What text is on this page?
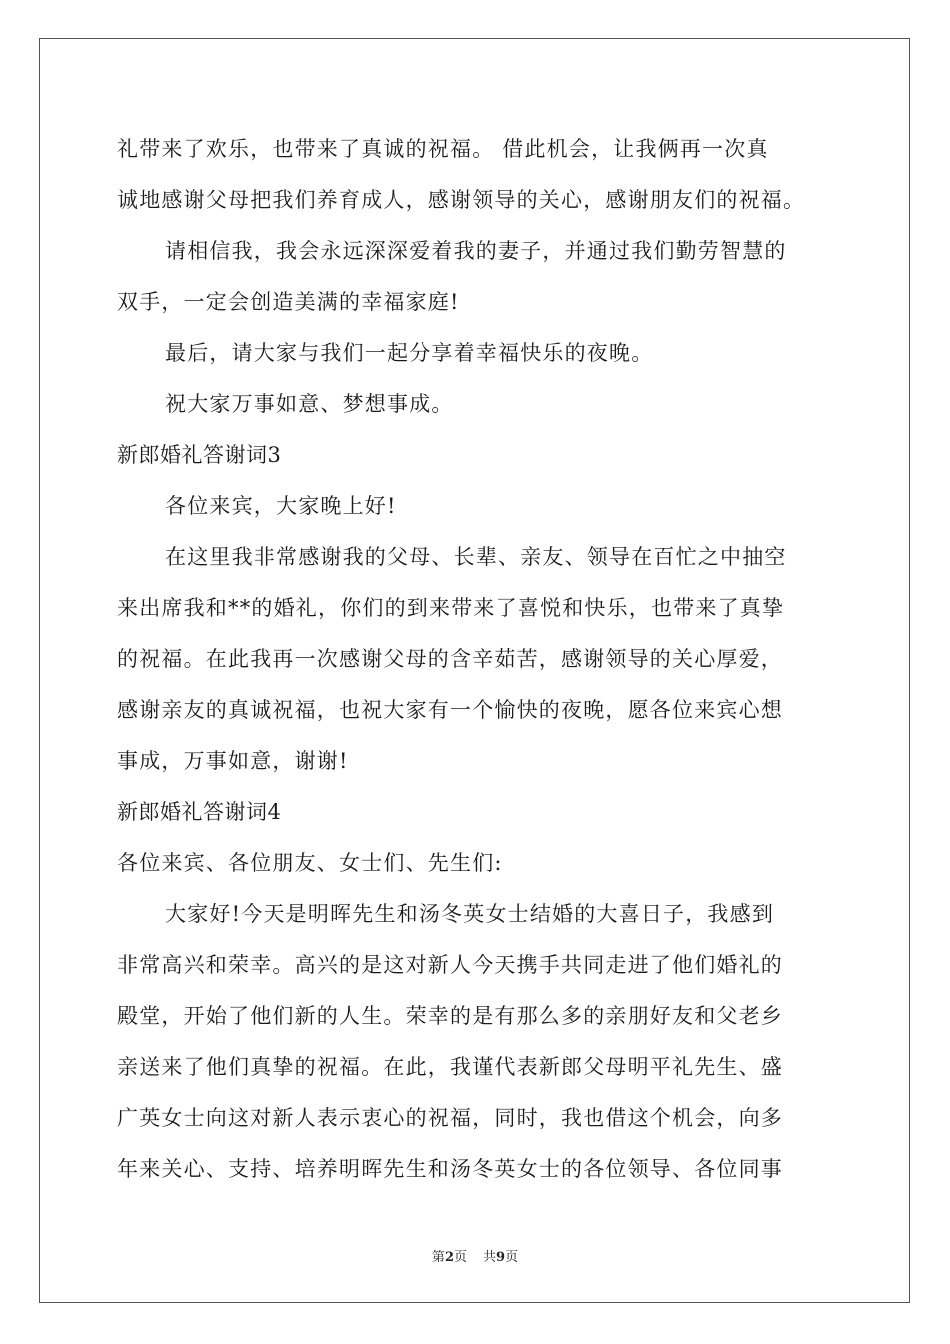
礼带来了欢乐，也带来了真诚的祝福。 借此机会，让我俩再一次真
诚地感谢父母把我们养育成人，感谢领导的关心，感谢朋友们的祝福。
请相信我，我会永远深深爱着我的妻子，并通过我们勤劳智慧的
双手，一定会创造美满的幸福家庭!
最后，请大家与我们一起分享着幸福快乐的夜晚。
祝大家万事如意、梦想事成。
新郎婚礼答谢词3
各位来宾，大家晚上好!
在这里我非常感谢我的父母、长辈、亲友、领导在百忙之中抽空
来出席我和**的婚礼，你们的到来带来了喜悦和快乐，也带来了真挚
的祝福。在此我再一次感谢父母的含辛茹苦，感谢领导的关心厚爱，
感谢亲友的真诚祝福，也祝大家有一个愉快的夜晚，愿各位来宾心想
事成，万事如意，谢谢!
新郎婚礼答谢词4
各位来宾、各位朋友、女士们、先生们:
大家好!今天是明晖先生和汤冬英女士结婚的大喜日子，我感到
非常高兴和荣幸。高兴的是这对新人今天携手共同走进了他们婚礼的
殿堂，开始了他们新的人生。荣幸的是有那么多的亲朋好友和父老乡
亲送来了他们真挚的祝福。在此，我谨代表新郎父母明平礼先生、盛
广英女士向这对新人表示衷心的祝福，同时，我也借这个机会，向多
年来关心、支持、培养明晖先生和汤冬英女士的各位领导、各位同事
第2页 共9页
